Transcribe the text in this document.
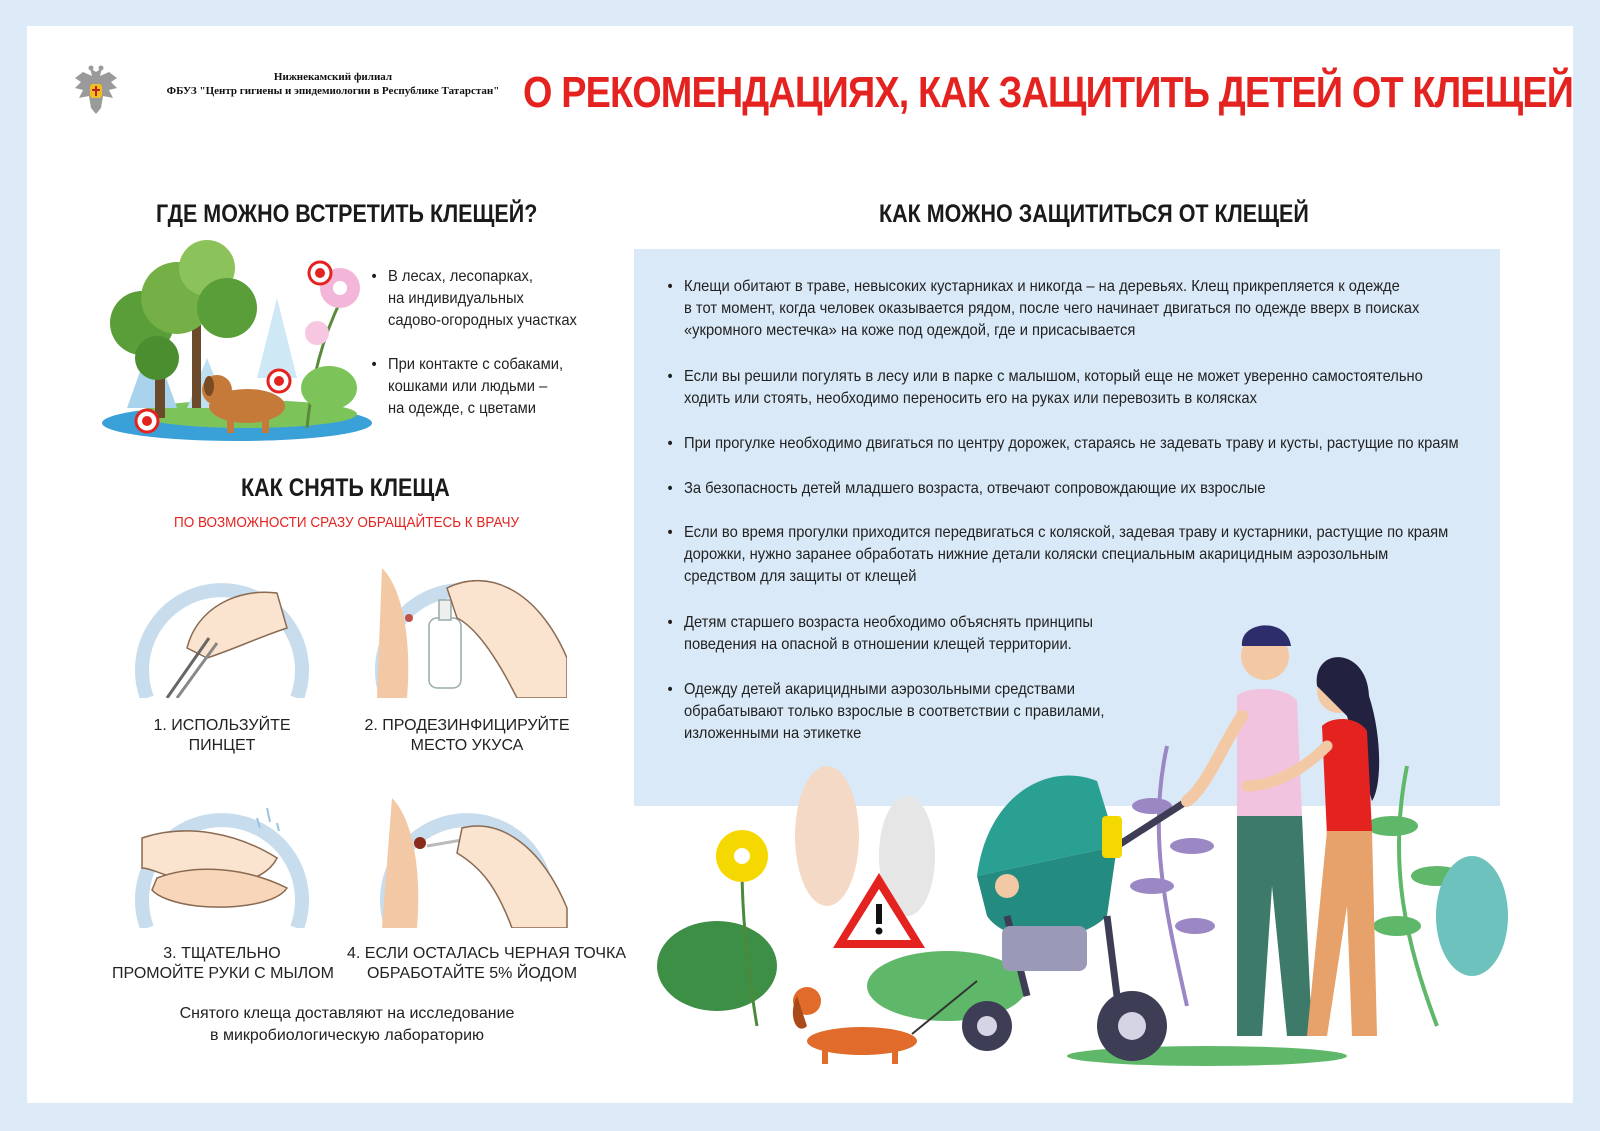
Нижнекамский филиал
ФБУЗ "Центр гигиены и эпидемиологии в Республике Татарстан" О РЕКОМЕНДАЦИЯХ, КАК ЗАЩИТИТЬ ДЕТЕЙ ОТ КЛЕЩЕЙ
ГДЕ МОЖНО ВСТРЕТИТЬ КЛЕЩЕЙ?
• В лесах, лесопарках,
на индивидуальных
садово-огородных участках
• При контакте с собаками,
кошками или людьми –
на одежде, с цветами
КАК СНЯТЬ КЛЕЩА
ПО ВОЗМОЖНОСТИ СРАЗУ ОБРАЩАЙТЕСЬ К ВРАЧУ
1. ИСПОЛЬЗУЙТЕ
ПИНЦЕТ
2. ПРОДЕЗИНФИЦИРУЙТЕ
МЕСТО УКУСА
3. ТЩАТЕЛЬНО
ПРОМОЙТЕ РУКИ С МЫЛОМ
4. ЕСЛИ ОСТАЛАСЬ ЧЕРНАЯ ТОЧКА
ОБРАБОТАЙТЕ 5% ЙОДОМ
Снятого клеща доставляют на исследование
в микробиологическую лабораторию
КАК МОЖНО ЗАЩИТИТЬСЯ ОТ КЛЕЩЕЙ
• Клещи обитают в траве, невысоких кустарниках и никогда – на деревьях. Клещ прикрепляется к одежде
в тот момент, когда человек оказывается рядом, после чего начинает двигаться по одежде вверх в поисках
«укромного местечка» на коже под одеждой, где и присасывается
• Если вы решили погулять в лесу или в парке с малышом, который еще не может уверенно самостоятельно
ходить или стоять, необходимо переносить его на руках или перевозить в колясках
• При прогулке необходимо двигаться по центру дорожек, стараясь не задевать траву и кусты, растущие по краям
• За безопасность детей младшего возраста, отвечают сопровождающие их взрослые
• Если во время прогулки приходится передвигаться с коляской, задевая траву и кустарники, растущие по краям
дорожки, нужно заранее обработать нижние детали коляски специальным акарицидным аэрозольным
средством для защиты от клещей
• Детям старшего возраста необходимо объяснять принципы
поведения на опасной в отношении клещей территории.
• Одежду детей акарицидными аэрозольными средствами
обрабатывают только взрослые в соответствии с правилами,
изложенными на этикетке
